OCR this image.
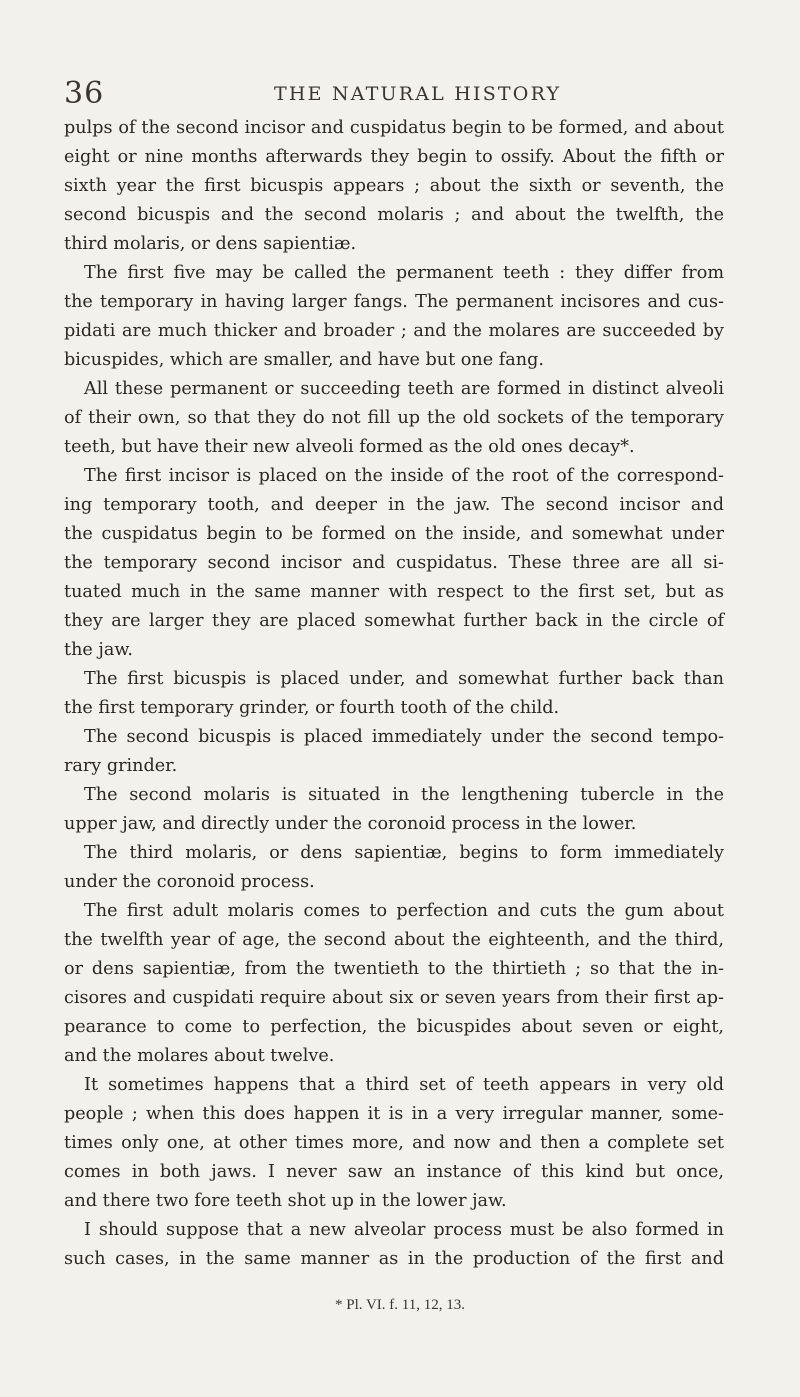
36	THE NATURAL HISTORY
pulps of the second incisor and cuspidatus begin to be formed, and about
eight or nine months afterwards they begin to ossify. About the fifth or
sixth year the first bicuspis appears ; about the sixth or seventh, the
second bicuspis and the second molaris ; and about the twelfth, the
third molaris, or dens sapientiæ.
The first five may be called the permanent teeth : they differ from
the temporary in having larger fangs. The permanent incisores and cus-
pidati are much thicker and broader ; and the molares are succeeded by
bicuspides, which are smaller, and have but one fang.
All these permanent or succeeding teeth are formed in distinct alveoli
of their own, so that they do not fill up the old sockets of the temporary
teeth, but have their new alveoli formed as the old ones decay*.
The first incisor is placed on the inside of the root of the correspond-
ing temporary tooth, and deeper in the jaw. The second incisor and
the cuspidatus begin to be formed on the inside, and somewhat under
the temporary second incisor and cuspidatus. These three are all si-
tuated much in the same manner with respect to the first set, but as
they are larger they are placed somewhat further back in the circle of
the jaw.
The first bicuspis is placed under, and somewhat further back than
the first temporary grinder, or fourth tooth of the child.
The second bicuspis is placed immediately under the second tempo-
rary grinder.
The second molaris is situated in the lengthening tubercle in the
upper jaw, and directly under the coronoid process in the lower.
The third molaris, or dens sapientiæ, begins to form immediately
under the coronoid process.
The first adult molaris comes to perfection and cuts the gum about
the twelfth year of age, the second about the eighteenth, and the third,
or dens sapientiæ, from the twentieth to the thirtieth ; so that the in-
cisores and cuspidati require about six or seven years from their first ap-
pearance to come to perfection, the bicuspides about seven or eight,
and the molares about twelve.
It sometimes happens that a third set of teeth appears in very old
people ; when this does happen it is in a very irregular manner, some-
times only one, at other times more, and now and then a complete set
comes in both jaws. I never saw an instance of this kind but once,
and there two fore teeth shot up in the lower jaw.
I should suppose that a new alveolar process must be also formed in
such cases, in the same manner as in the production of the first and
* Pl. VI. f. 11, 12, 13.
